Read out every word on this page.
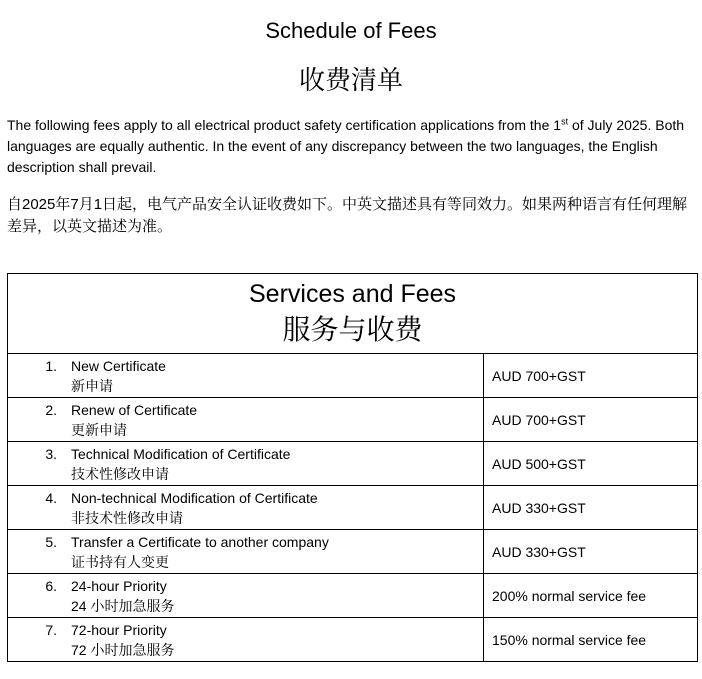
Schedule of Fees
收费清单

The following fees apply to all electrical product safety certification applications from the 1st of July 2025. Both languages are equally authentic. In the event of any discrepancy between the two languages, the English description shall prevail.

自2025年7月1日起，电气产品安全认证收费如下。中英文描述具有等同效力。如果两种语言有任何理解差异，以英文描述为准。

Services and Fees
服务与收费	

1. New Certificate
新申请	AUD 700+GST

2. Renew of Certificate
更新申请	AUD 700+GST

3. Technical Modification of Certificate
技术性修改申请	AUD 500+GST

4. Non-technical Modification of Certificate
非技术性修改申请	AUD 330+GST

5. Transfer a Certificate to another company
证书持有人变更	AUD 330+GST

6. 24-hour Priority
24 小时加急服务	200% normal service fee

7. 72-hour Priority
72 小时加急服务	150% normal service fee
